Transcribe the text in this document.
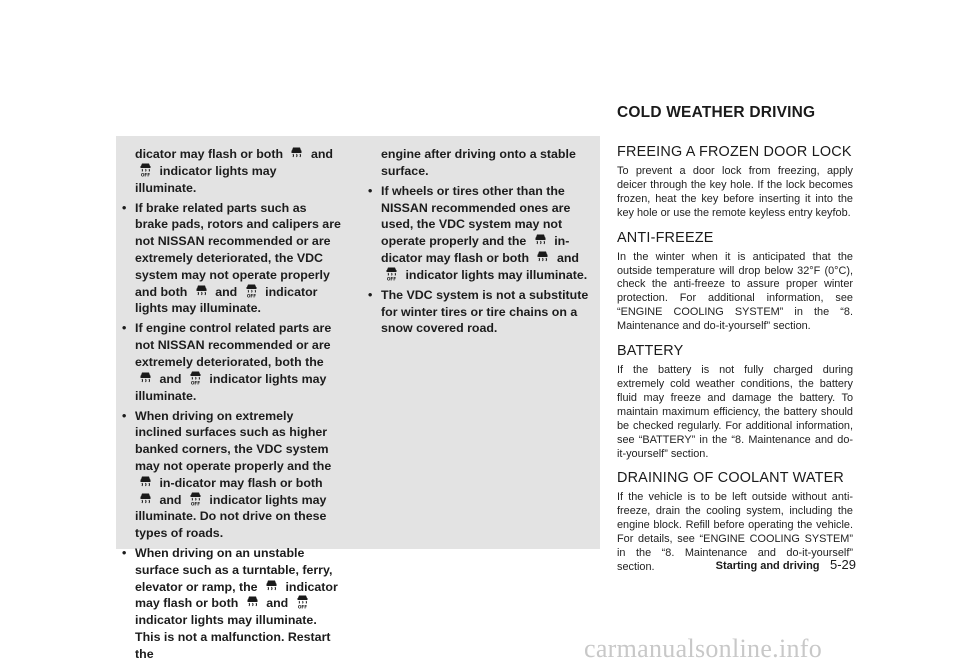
dicator may flash or both and
indicator lights may illuminate.
• If brake related parts such as brake pads, rotors and calipers are not NISSAN recommended or are extremely deteriorated, the VDC system may not operate properly and both and indicator lights may illuminate.
• If engine control related parts are not NISSAN recommended or are extremely deteriorated, both the
and indicator lights may illuminate.
• When driving on extremely inclined surfaces such as higher banked corners, the VDC system may not operate properly and the
in-dicator may flash or both
and indicator lights may illuminate. Do not drive on these types of roads.
• When driving on an unstable surface such as a turntable, ferry, elevator or ramp, the indicator may flash or both and
indicator lights may illuminate. This is not a malfunction. Restart the
engine after driving onto a stable surface.
• If wheels or tires other than the NISSAN recommended ones are used, the VDC system may not operate properly and the in-dicator may flash or both and
indicator lights may illuminate.
• The VDC system is not a substitute for winter tires or tire chains on a snow covered road.
COLD WEATHER DRIVING
FREEING A FROZEN DOOR LOCK

To prevent a door lock from freezing, apply deicer through the key hole. If the lock becomes frozen, heat the key before inserting it into the key hole or use the remote keyless entry keyfob.

ANTI-FREEZE

In the winter when it is anticipated that the outside temperature will drop below 32°F (0°C), check the anti-freeze to assure proper winter protection. For additional information, see “ENGINE COOLING SYSTEM” in the “8. Maintenance and do-it-yourself” section.

BATTERY

If the battery is not fully charged during extremely cold weather conditions, the battery fluid may freeze and damage the battery. To maintain maximum efficiency, the battery should be checked regularly. For additional information, see “BATTERY” in the “8. Maintenance and do-it-yourself” section.

DRAINING OF COOLANT WATER

If the vehicle is to be left outside without anti-freeze, drain the cooling system, including the engine block. Refill before operating the vehicle. For details, see “ENGINE COOLING SYSTEM” in the “8. Maintenance and do-it-yourself” section.	Starting and driving 5-29
carmanualsonline.info
